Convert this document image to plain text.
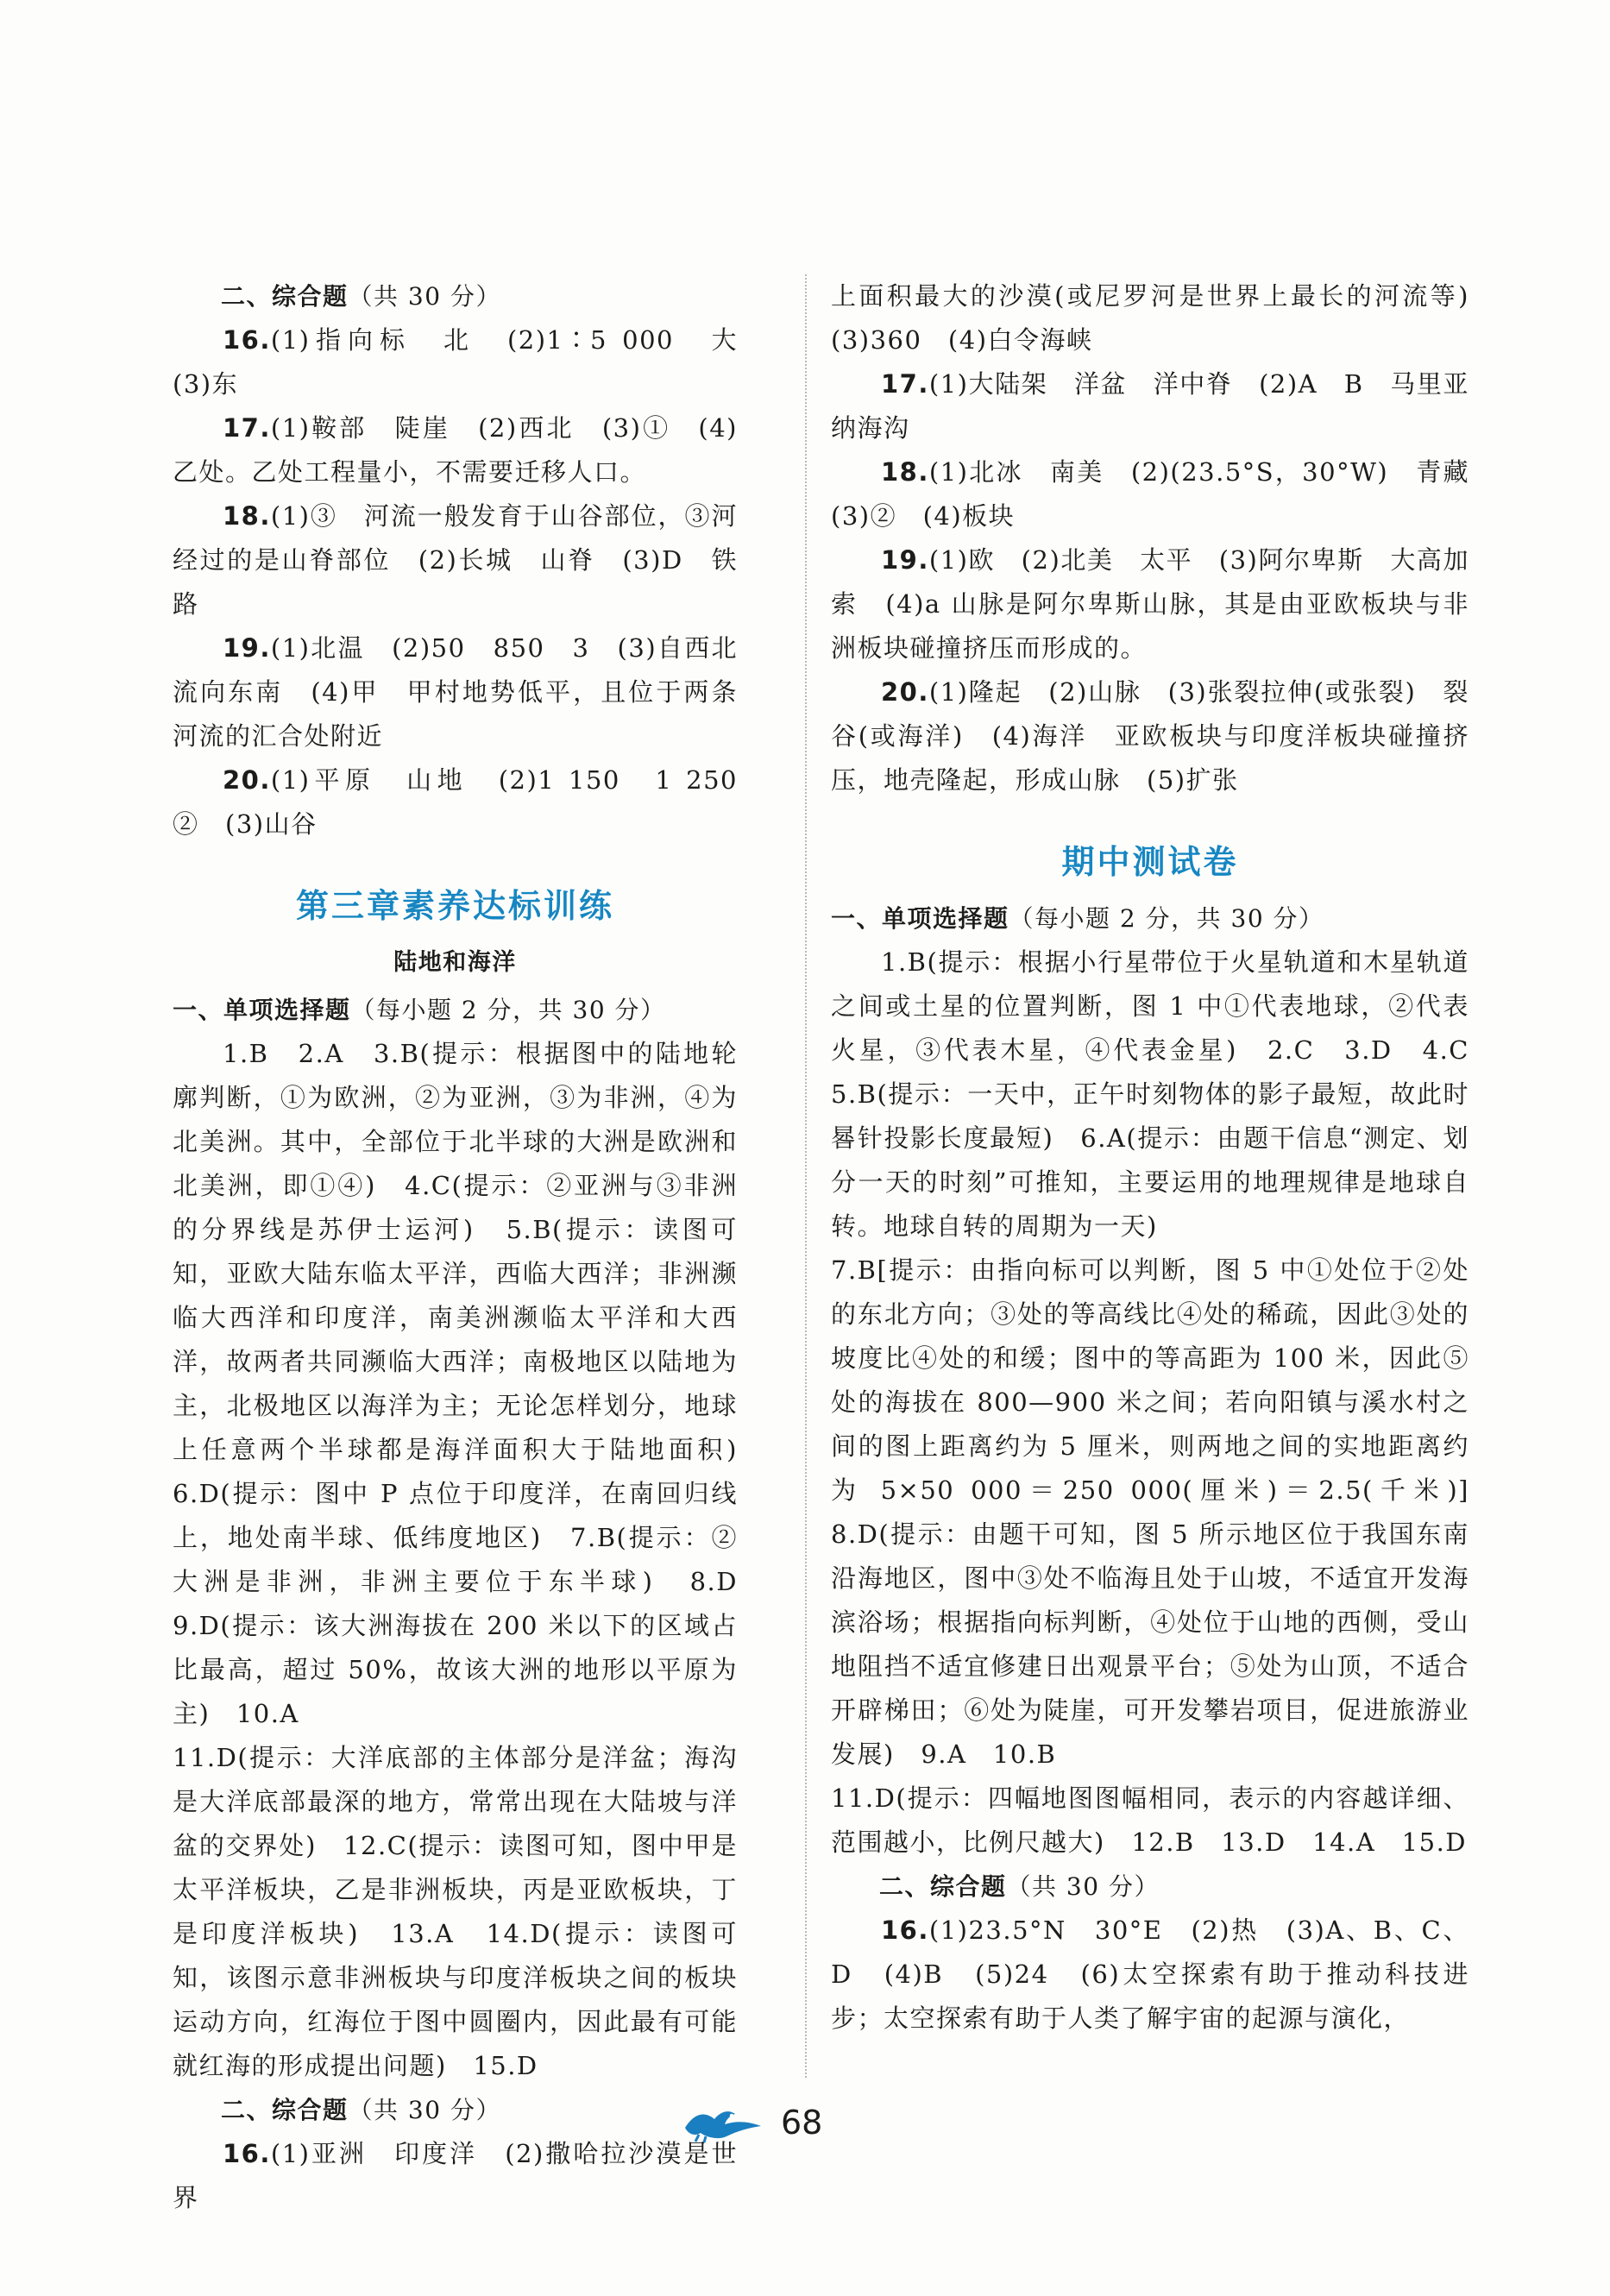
二、综合题（共 30 分）

16.(1)指向标　北　(2)1∶5 000　大　(3)东

17.(1)鞍部　陡崖　(2)西北　(3)①　(4)乙处。乙处工程量小，不需要迁移人口。

18.(1)③　河流一般发育于山谷部位，③河经过的是山脊部位　(2)长城　山脊　(3)D　铁路

19.(1)北温　(2)50　850　3　(3)自西北流向东南　(4)甲　甲村地势低平，且位于两条河流的汇合处附近

20.(1)平原　山地　(2)1 150　1 250　②　(3)山谷

第三章素养达标训练

陆地和海洋

一、单项选择题（每小题 2 分，共 30 分）

1.B　2.A　3.B(提示：根据图中的陆地轮廓判断，①为欧洲，②为亚洲，③为非洲，④为北美洲。其中，全部位于北半球的大洲是欧洲和北美洲，即①④)　4.C(提示：②亚洲与③非洲的分界线是苏伊士运河)　5.B(提示：读图可知，亚欧大陆东临太平洋，西临大西洋；非洲濒临大西洋和印度洋，南美洲濒临太平洋和大西洋，故两者共同濒临大西洋；南极地区以陆地为主，北极地区以海洋为主；无论怎样划分，地球上任意两个半球都是海洋面积大于陆地面积)　6.D(提示：图中 P 点位于印度洋，在南回归线上，地处南半球、低纬度地区)　7.B(提示：②大洲是非洲，非洲主要位于东半球)　8.D　9.D(提示：该大洲海拔在 200 米以下的区域占比最高，超过 50%，故该大洲的地形以平原为主)　10.A

11.D(提示：大洋底部的主体部分是洋盆；海沟是大洋底部最深的地方，常常出现在大陆坡与洋盆的交界处)　12.C(提示：读图可知，图中甲是太平洋板块，乙是非洲板块，丙是亚欧板块，丁是印度洋板块)　13.A　14.D(提示：读图可知，该图示意非洲板块与印度洋板块之间的板块运动方向，红海位于图中圆圈内，因此最有可能就红海的形成提出问题)　15.D

二、综合题（共 30 分）

16.(1)亚洲　印度洋　(2)撒哈拉沙漠是世界

上面积最大的沙漠(或尼罗河是世界上最长的河流等)　(3)360　(4)白令海峡

17.(1)大陆架　洋盆　洋中脊　(2)A　B　马里亚纳海沟

18.(1)北冰　南美　(2)(23.5°S，30°W)　青藏　(3)②　(4)板块

19.(1)欧　(2)北美　太平　(3)阿尔卑斯　大高加索　(4)a 山脉是阿尔卑斯山脉，其是由亚欧板块与非洲板块碰撞挤压而形成的。

20.(1)隆起　(2)山脉　(3)张裂拉伸(或张裂)　裂谷(或海洋)　(4)海洋　亚欧板块与印度洋板块碰撞挤压，地壳隆起，形成山脉　(5)扩张

期中测试卷

一、单项选择题（每小题 2 分，共 30 分）

1.B(提示：根据小行星带位于火星轨道和木星轨道之间或土星的位置判断，图 1 中①代表地球，②代表火星，③代表木星，④代表金星)　2.C　3.D　4.C　5.B(提示：一天中，正午时刻物体的影子最短，故此时晷针投影长度最短)　6.A(提示：由题干信息“测定、划分一天的时刻”可推知，主要运用的地理规律是地球自转。地球自转的周期为一天)

7.B[提示：由指向标可以判断，图 5 中①处位于②处的东北方向；③处的等高线比④处的稀疏，因此③处的坡度比④处的和缓；图中的等高距为 100 米，因此⑤处的海拔在 800—900 米之间；若向阳镇与溪水村之间的图上距离约为 5 厘米，则两地之间的实地距离约为 5×50 000＝250 000(厘米)＝2.5(千米)]　8.D(提示：由题干可知，图 5 所示地区位于我国东南沿海地区，图中③处不临海且处于山坡，不适宜开发海滨浴场；根据指向标判断，④处位于山地的西侧，受山地阻挡不适宜修建日出观景平台；⑤处为山顶，不适合开辟梯田；⑥处为陡崖，可开发攀岩项目，促进旅游业发展)　9.A　10.B

11.D(提示：四幅地图图幅相同，表示的内容越详细、范围越小，比例尺越大)　12.B　13.D　14.A　15.D

二、综合题（共 30 分）

16.(1)23.5°N　30°E　(2)热　(3)A、B、C、D　(4)B　(5)24　(6)太空探索有助于推动科技进步；太空探索有助于人类了解宇宙的起源与演化，

68
